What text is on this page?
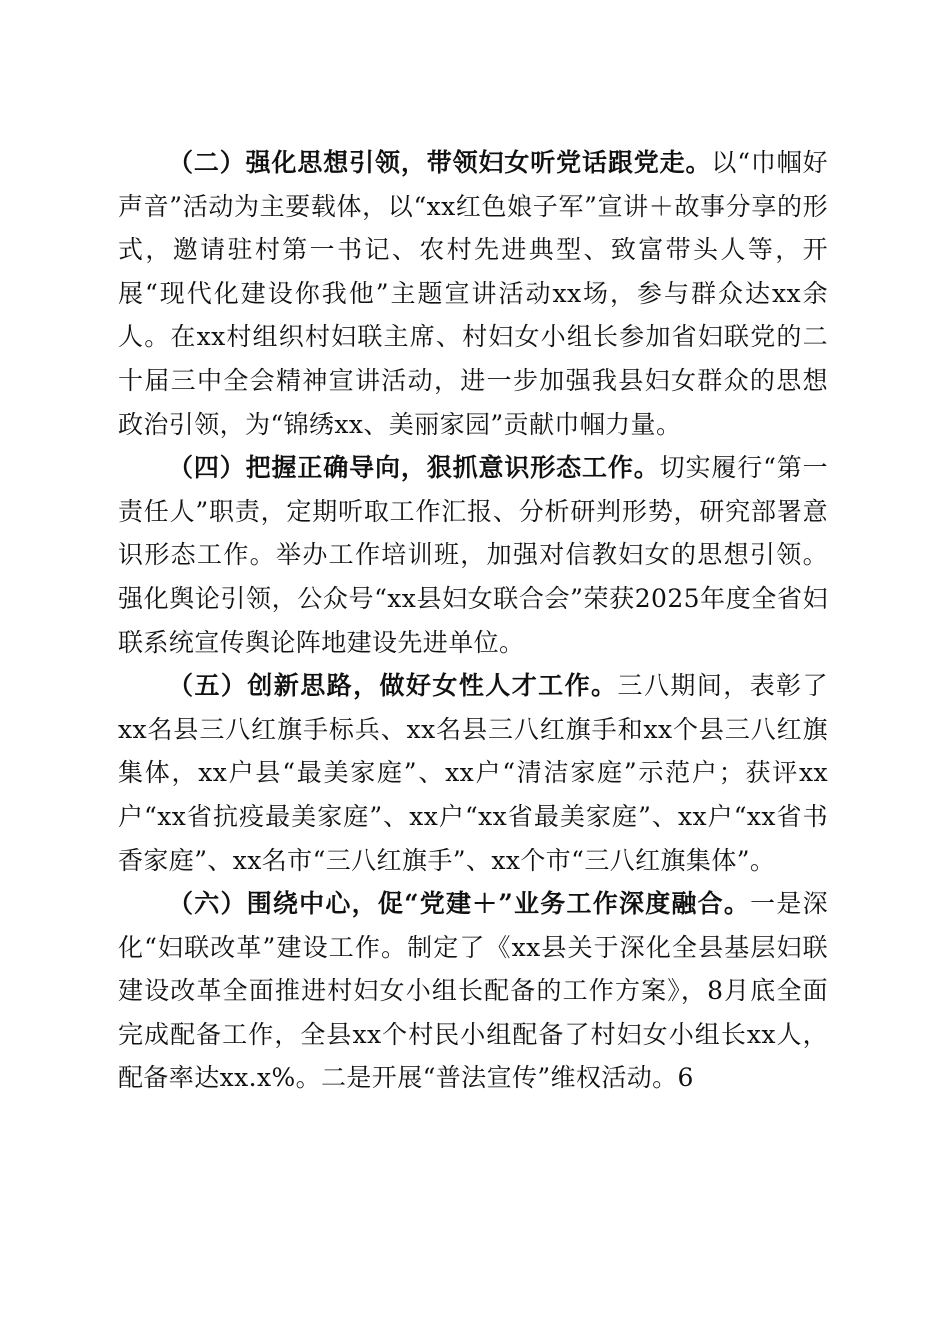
（二）强化思想引领，带领妇女听党话跟党走。以“巾帼好声音”活动为主要载体，以“xx红色娘子军”宣讲＋故事分享的形式，邀请驻村第一书记、农村先进典型、致富带头人等，开展“现代化建设你我他”主题宣讲活动xx场，参与群众达xx余人。在xx村组织村妇联主席、村妇女小组长参加省妇联党的二十届三中全会精神宣讲活动，进一步加强我县妇女群众的思想政治引领，为“锦绣xx、美丽家园”贡献巾帼力量。

（四）把握正确导向，狠抓意识形态工作。切实履行“第一责任人”职责，定期听取工作汇报、分析研判形势，研究部署意识形态工作。举办工作培训班，加强对信教妇女的思想引领。强化舆论引领，公众号“xx县妇女联合会”荣获2025年度全省妇联系统宣传舆论阵地建设先进单位。

（五）创新思路，做好女性人才工作。三八期间，表彰了xx名县三八红旗手标兵、xx名县三八红旗手和xx个县三八红旗集体，xx户县“最美家庭”、xx户“清洁家庭”示范户；获评xx户“xx省抗疫最美家庭”、xx户“xx省最美家庭”、xx户“xx省书香家庭”、xx名市“三八红旗手”、xx个市“三八红旗集体”。

（六）围绕中心，促“党建＋”业务工作深度融合。一是深化“妇联改革”建设工作。制定了《xx县关于深化全县基层妇联建设改革全面推进村妇女小组长配备的工作方案》，8月底全面完成配备工作，全县xx个村民小组配备了村妇女小组长xx人，配备率达xx.x%。二是开展“普法宣传”维权活动。6
